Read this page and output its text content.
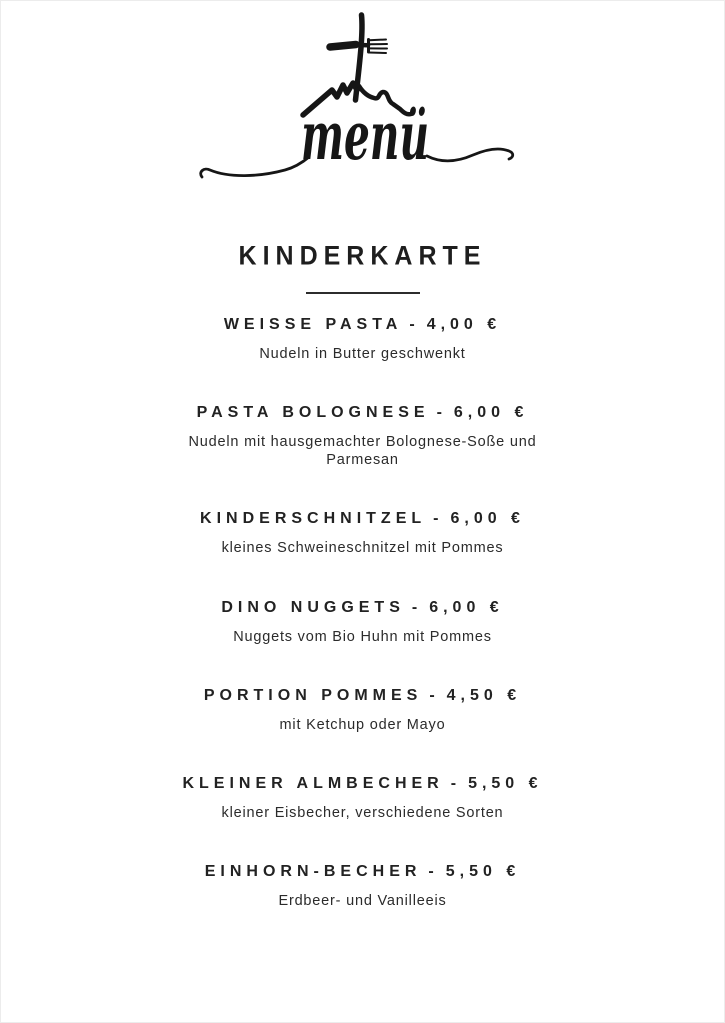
menü
KINDERKARTE
WEISSE PASTA - 4,00 €

Nudeln in Butter geschwenkt

PASTA BOLOGNESE - 6,00 €

Nudeln mit hausgemachter Bolognese-Soße und Parmesan

KINDERSCHNITZEL - 6,00 €

kleines Schweineschnitzel mit Pommes

DINO NUGGETS - 6,00 €

Nuggets vom Bio Huhn mit Pommes

PORTION POMMES - 4,50 €

mit Ketchup oder Mayo

KLEINER ALMBECHER - 5,50 €

kleiner Eisbecher, verschiedene Sorten

EINHORN-BECHER - 5,50 €

Erdbeer- und Vanilleeis
